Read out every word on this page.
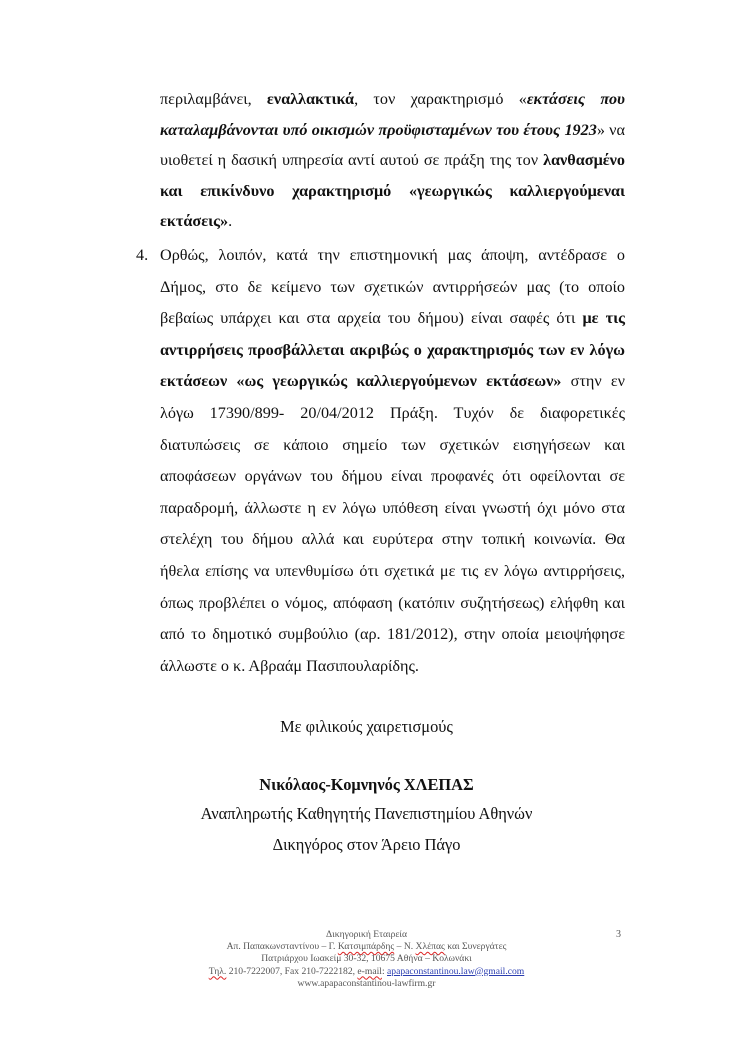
περιλαμβάνει, εναλλακτικά, τον χαρακτηρισμό «εκτάσεις που καταλαμβάνονται υπό οικισμών προϋφισταμένων του έτους 1923» να υιοθετεί η δασική υπηρεσία αντί αυτού σε πράξη της τον λανθασμένο και επικίνδυνο χαρακτηρισμό «γεωργικώς καλλιεργούμεναι εκτάσεις».

4. Ορθώς, λοιπόν, κατά την επιστημονική μας άποψη, αντέδρασε ο Δήμος, στο δε κείμενο των σχετικών αντιρρήσεών μας (το οποίο βεβαίως υπάρχει και στα αρχεία του δήμου) είναι σαφές ότι με τις αντιρρήσεις προσβάλλεται ακριβώς ο χαρακτηρισμός των εν λόγω εκτάσεων «ως γεωργικώς καλλιεργούμενων εκτάσεων» στην εν λόγω 17390/899- 20/04/2012 Πράξη. Τυχόν δε διαφορετικές διατυπώσεις σε κάποιο σημείο των σχετικών εισηγήσεων και αποφάσεων οργάνων του δήμου είναι προφανές ότι οφείλονται σε παραδρομή, άλλωστε η εν λόγω υπόθεση είναι γνωστή όχι μόνο στα στελέχη του δήμου αλλά και ευρύτερα στην τοπική κοινωνία. Θα ήθελα επίσης να υπενθυμίσω ότι σχετικά με τις εν λόγω αντιρρήσεις, όπως προβλέπει ο νόμος, απόφαση (κατόπιν συζητήσεως) ελήφθη και από το δημοτικό συμβούλιο (αρ. 181/2012), στην οποία μειοψήφησε άλλωστε ο κ. Αβραάμ Πασιπουλαρίδης.
Με φιλικούς χαιρετισμούς
Νικόλαος-Κομνηνός ΧΛΕΠΑΣ
Αναπληρωτής Καθηγητής Πανεπιστημίου Αθηνών
Δικηγόρος στον Άρειο Πάγο
Δικηγορική Εταιρεία
Απ. Παπακωνσταντίνου – Γ. Κατσιμπάρδης – Ν. Χλέπας και Συνεργάτες
Πατριάρχου Ιωακείμ 30-32, 10675 Αθήνα – Κολωνάκι
Τηλ. 210-7222007, Fax 210-7222182, e-mail: apapaconstantinou.law@gmail.com
www.apapaconstantinou-lawfirm.gr
3
